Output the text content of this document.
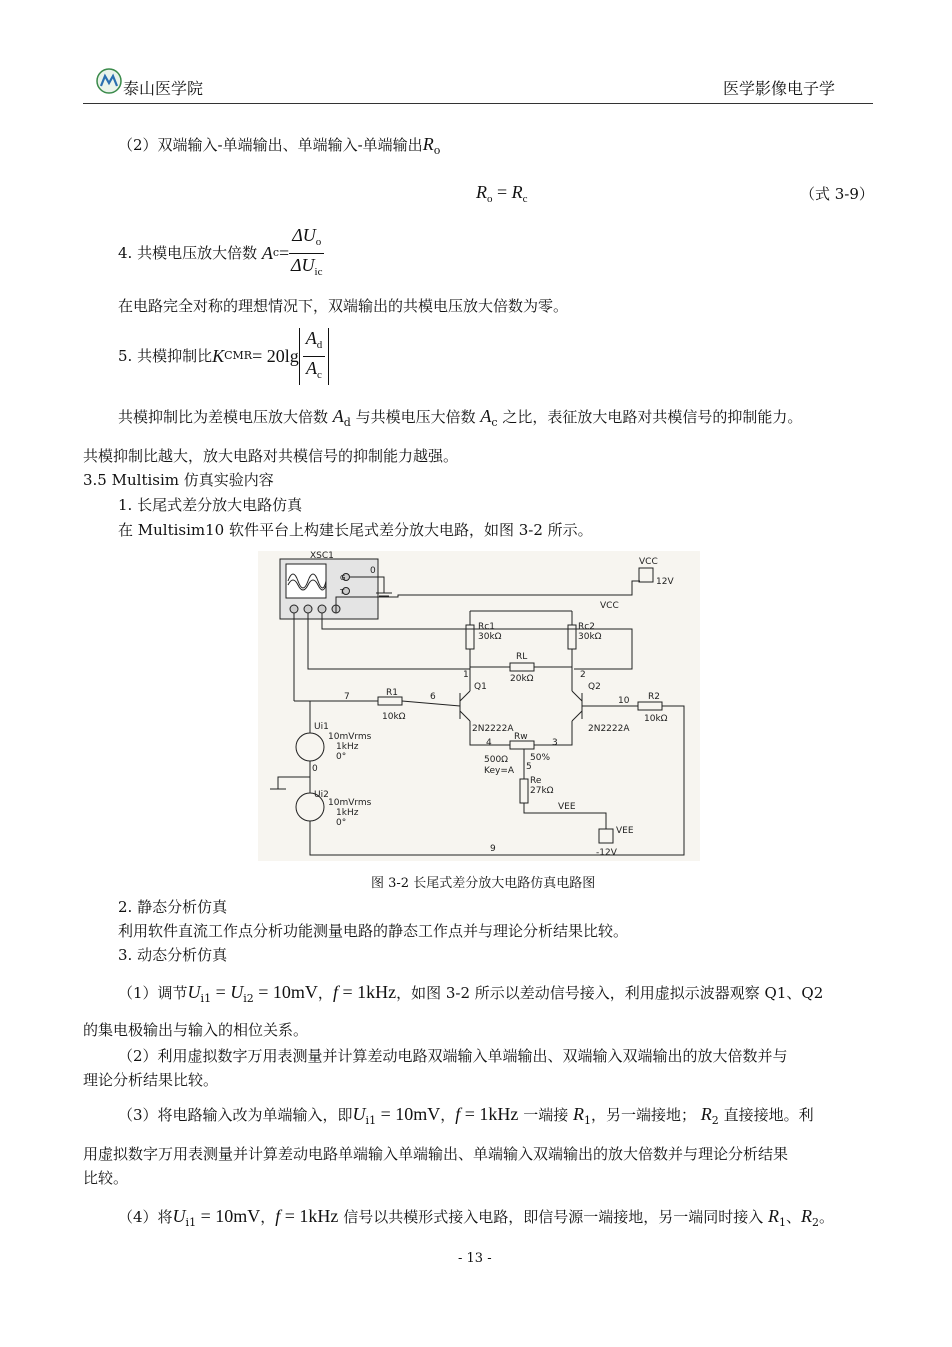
泰山医学院	医学影像电子学
（2）双端输入-单端输出、单端输入-单端输出$R_o$
$R_o = R_c$	（式 3-9）
4. 共模电压放大倍数
A $c = \frac{\Delta U_o}{\Delta U_{ic}}$
在电路完全对称的理想情况下，双端输出的共模电压放大倍数为零。
5. 共模抑制比 K CMR = $20\lg \frac{A_d}{A_c}$
共模抑制比为差模电压放大倍数 $A_d$ 与共模电压大倍数 $A_c$ 之比，表征放大电路对共模信号的抑制能力。
共模抑制比越大，放大电路对共模信号的抑制能力越强。
3.5 Multisim 仿真实验内容
1. 长尾式差分放大电路仿真
在 Multisim10 软件平台上构建长尾式差分放大电路，如图 3-2 所示。
XSC1
G
T
0
VCC
12V
VCC
Rc1
30kΩ
Rc2
30kΩ
RL
20kΩ
1	2
Q1	Q2
7	R1
10kΩ
6	10 R2
10kΩ
2N2222A	2N2222A
4
Rw
3
500Ω
Key=A
50%
5
Re
27kΩ
VEE
VEE
-12V
Ui1
10mVrms
1kHz
0°
0
Ui2
10mVrms
1kHz
0°
9
图 3-2 长尾式差分放大电路仿真电路图
2. 静态分析仿真
利用软件直流工作点分析功能测量电路的静态工作点并与理论分析结果比较。
3. 动态分析仿真
（1）调节$U_{i1} = U_{i2} = 10mV$，f = 1kHz，如图 3-2 所示以差动信号接入，利用虚拟示波器观察 Q1、Q2
的集电极输出与输入的相位关系。
（2）利用虚拟数字万用表测量并计算差动电路双端输入单端输出、双端输入双端输出的放大倍数并与
理论分析结果比较。
（3）将电路输入改为单端输入，即$U_{i1} = 10mV$，f = 1kHz 一端接 $R_1$，另一端接地； $R_2$ 直接接地。利
用虚拟数字万用表测量并计算差动电路单端输入单端输出、单端输入双端输出的放大倍数并与理论分析结果
比较。
（4）将$U_{i1} = 10mV$，f = 1kHz 信号以共模形式接入电路，即信号源一端接地，另一端同时接入 $R_1$、$R_2$。
- 13 -
